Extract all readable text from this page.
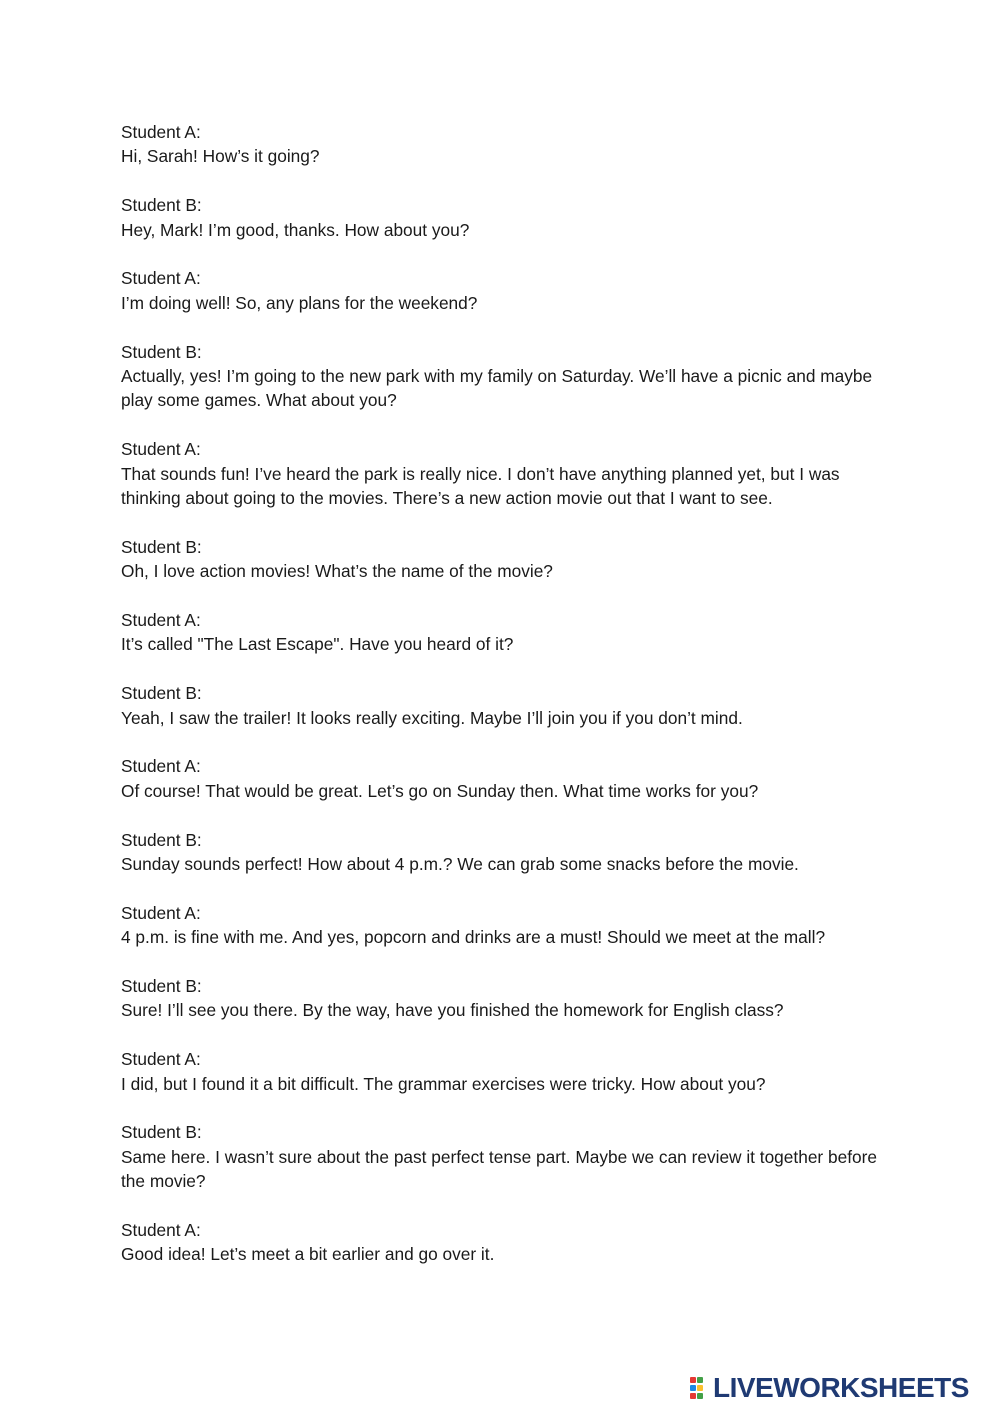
Student A:
Hi, Sarah! How’s it going?
Student B:
Hey, Mark! I’m good, thanks. How about you?
Student A:
I’m doing well! So, any plans for the weekend?
Student B:
Actually, yes! I’m going to the new park with my family on Saturday. We’ll have a picnic and maybe play some games. What about you?
Student A:
That sounds fun! I’ve heard the park is really nice. I don’t have anything planned yet, but I was thinking about going to the movies. There’s a new action movie out that I want to see.
Student B:
Oh, I love action movies! What’s the name of the movie?
Student A:
It’s called "The Last Escape". Have you heard of it?
Student B:
Yeah, I saw the trailer! It looks really exciting. Maybe I’ll join you if you don’t mind.
Student A:
Of course! That would be great. Let’s go on Sunday then. What time works for you?
Student B:
Sunday sounds perfect! How about 4 p.m.? We can grab some snacks before the movie.
Student A:
4 p.m. is fine with me. And yes, popcorn and drinks are a must! Should we meet at the mall?
Student B:
Sure! I’ll see you there. By the way, have you finished the homework for English class?
Student A:
I did, but I found it a bit difficult. The grammar exercises were tricky. How about you?
Student B:
Same here. I wasn’t sure about the past perfect tense part. Maybe we can review it together before the movie?
Student A:
Good idea! Let’s meet a bit earlier and go over it.
LIVEWORKSHEETS
